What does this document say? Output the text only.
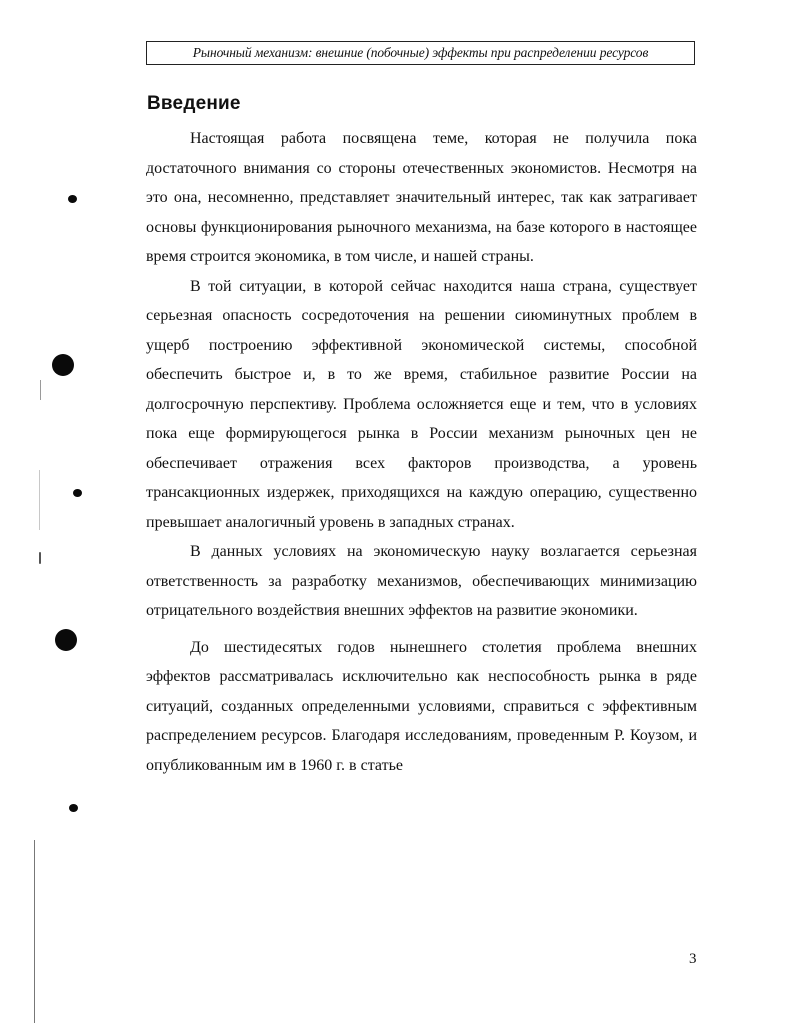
Рыночный механизм: внешние (побочные) эффекты при распределении ресурсов
Введение

Настоящая работа посвящена теме, которая не получила пока достаточного внимания со стороны отечественных экономистов. Несмотря на это она, несомненно, представляет значительный интерес, так как затрагивает основы функционирования рыночного механизма, на базе которого в настоящее время строится экономика, в том числе, и нашей страны.

В той ситуации, в которой сейчас находится наша страна, существует серьезная опасность сосредоточения на решении сиюминутных проблем в ущерб построению эффективной экономической системы, способной обеспечить быстрое и, в то же время, стабильное развитие России на долгосрочную перспективу. Проблема осложняется еще и тем, что в условиях пока еще формирующегося рынка в России механизм рыночных цен не обеспечивает отражения всех факторов производства, а уровень трансакционных издержек, приходящихся на каждую операцию, существенно превышает аналогичный уровень в западных странах.

В данных условиях на экономическую науку возлагается серьезная ответственность за разработку механизмов, обеспечивающих минимизацию отрицательного воздействия внешних эффектов на развитие экономики.

До шестидесятых годов нынешнего столетия проблема внешних эффектов рассматривалась исключительно как неспособность рынка в ряде ситуаций, созданных определенными условиями, справиться с эффективным распределением ресурсов. Благодаря исследованиям, проведенным Р. Коузом, и опубликованным им в 1960 г. в статье

3
